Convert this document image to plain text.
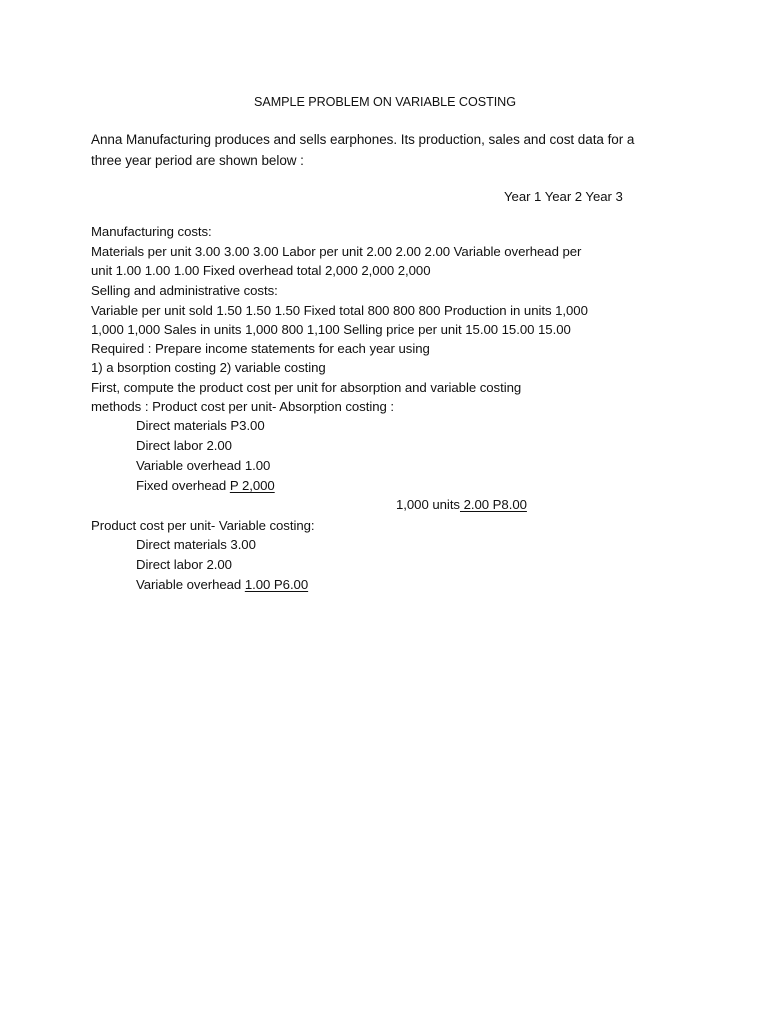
SAMPLE PROBLEM ON VARIABLE COSTING
Anna Manufacturing produces and sells earphones. Its production, sales and cost data for a
three year period are shown below :
Year 1 Year 2 Year 3
Manufacturing costs:
Materials per unit 3.00 3.00 3.00 Labor per unit 2.00 2.00 2.00 Variable overhead per
unit 1.00 1.00 1.00 Fixed overhead total 2,000 2,000 2,000
Selling and administrative costs:
Variable per unit sold 1.50 1.50 1.50 Fixed total 800 800 800 Production in units 1,000
1,000 1,000 Sales in units 1,000 800 1,100 Selling price per unit 15.00 15.00 15.00
Required : Prepare income statements for each year using
1) a bsorption costing 2) variable costing
First, compute the product cost per unit for absorption and variable costing
methods : Product cost per unit- Absorption costing :
Direct materials P3.00
Direct labor 2.00
Variable overhead 1.00
Fixed overhead P 2,000
1,000 units 2.00 P8.00
Product cost per unit- Variable costing:
Direct materials 3.00
Direct labor 2.00
Variable overhead 1.00 P6.00
